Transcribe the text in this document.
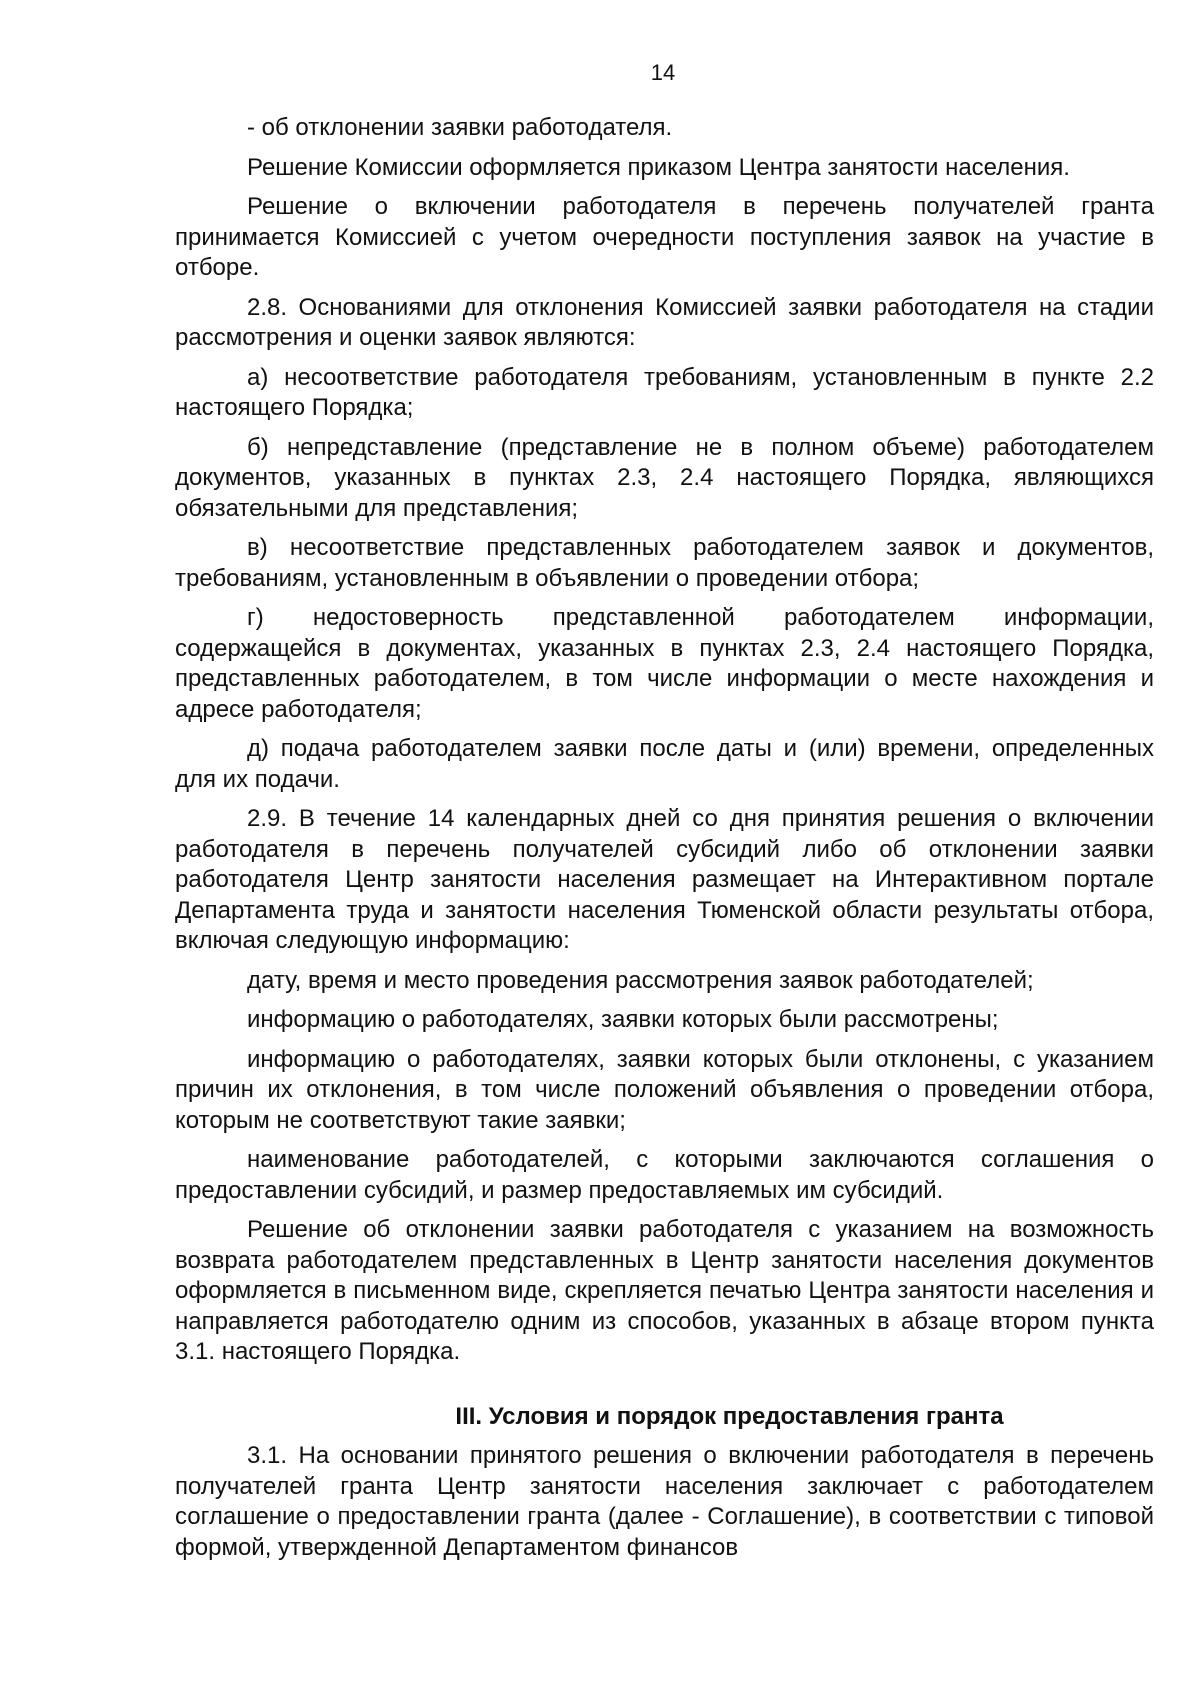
14

- об отклонении заявки работодателя.

Решение Комиссии оформляется приказом Центра занятости населения.

Решение о включении работодателя в перечень получателей гранта принимается Комиссией с учетом очередности поступления заявок на участие в отборе.

2.8. Основаниями для отклонения Комиссией заявки работодателя на стадии рассмотрения и оценки заявок являются:

а) несоответствие работодателя требованиям, установленным в пункте 2.2 настоящего Порядка;

б) непредставление (представление не в полном объеме) работодателем документов, указанных в пунктах 2.3, 2.4 настоящего Порядка, являющихся обязательными для представления;

в) несоответствие представленных работодателем заявок и документов, требованиям, установленным в объявлении о проведении отбора;

г) недостоверность представленной работодателем информации, содержащейся в документах, указанных в пунктах 2.3, 2.4 настоящего Порядка, представленных работодателем, в том числе информации о месте нахождения и адресе работодателя;

д) подача работодателем заявки после даты и (или) времени, определенных для их подачи.

2.9. В течение 14 календарных дней со дня принятия решения о включении работодателя в перечень получателей субсидий либо об отклонении заявки работодателя Центр занятости населения размещает на Интерактивном портале Департамента труда и занятости населения Тюменской области результаты отбора, включая следующую информацию:

дату, время и место проведения рассмотрения заявок работодателей;

информацию о работодателях, заявки которых были рассмотрены;

информацию о работодателях, заявки которых были отклонены, с указанием причин их отклонения, в том числе положений объявления о проведении отбора, которым не соответствуют такие заявки;

наименование работодателей, с которыми заключаются соглашения о предоставлении субсидий, и размер предоставляемых им субсидий.

Решение об отклонении заявки работодателя с указанием на возможность возврата работодателем представленных в Центр занятости населения документов оформляется в письменном виде, скрепляется печатью Центра занятости населения и направляется работодателю одним из способов, указанных в абзаце втором пункта 3.1. настоящего Порядка.

III. Условия и порядок предоставления гранта

3.1. На основании принятого решения о включении работодателя в перечень получателей гранта Центр занятости населения заключает с работодателем соглашение о предоставлении гранта (далее - Соглашение), в соответствии с типовой формой, утвержденной Департаментом финансов
